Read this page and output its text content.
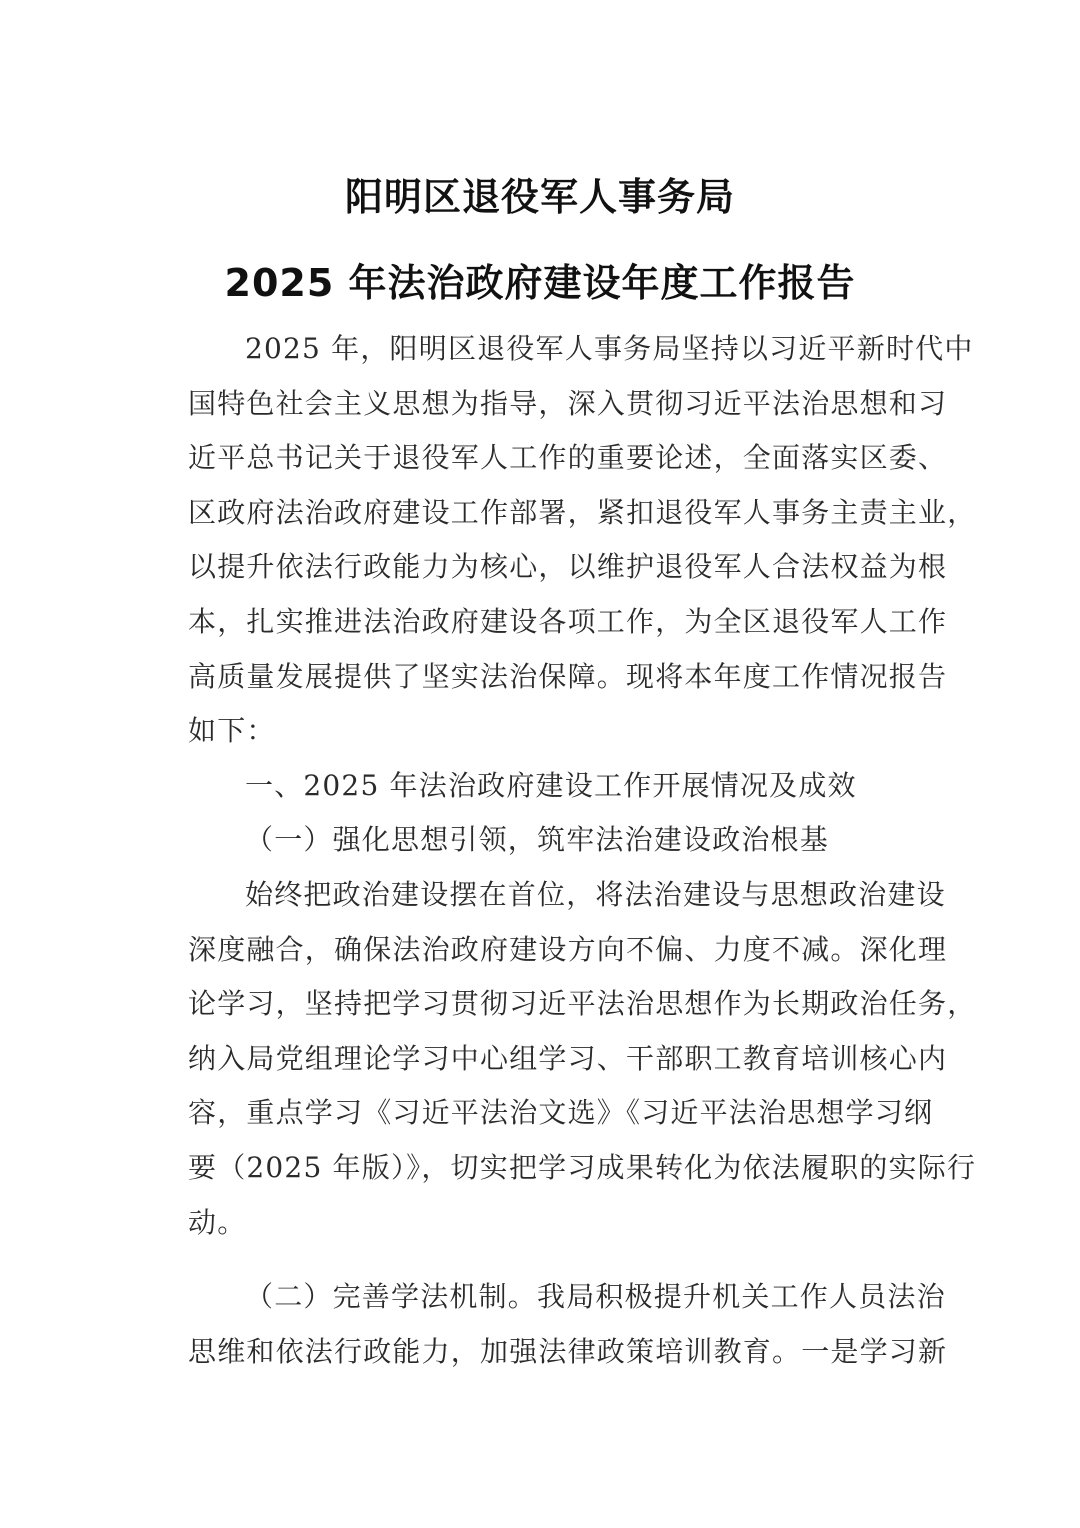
阳明区退役军人事务局
2025 年法治政府建设年度工作报告
2025 年，阳明区退役军人事务局坚持以习近平新时代中
国特色社会主义思想为指导，深入贯彻习近平法治思想和习
近平总书记关于退役军人工作的重要论述，全面落实区委、
区政府法治政府建设工作部署，紧扣退役军人事务主责主业，
以提升依法行政能力为核心，以维护退役军人合法权益为根
本，扎实推进法治政府建设各项工作，为全区退役军人工作
高质量发展提供了坚实法治保障。现将本年度工作情况报告
如下：
一、2025 年法治政府建设工作开展情况及成效
（一）强化思想引领，筑牢法治建设政治根基
始终把政治建设摆在首位，将法治建设与思想政治建设
深度融合，确保法治政府建设方向不偏、力度不减。深化理
论学习，坚持把学习贯彻习近平法治思想作为长期政治任务，
纳入局党组理论学习中心组学习、干部职工教育培训核心内
容，重点学习《习近平法治文选》《习近平法治思想学习纲
要（2025 年版）》，切实把学习成果转化为依法履职的实际行
动。
（二）完善学法机制。我局积极提升机关工作人员法治
思维和依法行政能力，加强法律政策培训教育。一是学习新
